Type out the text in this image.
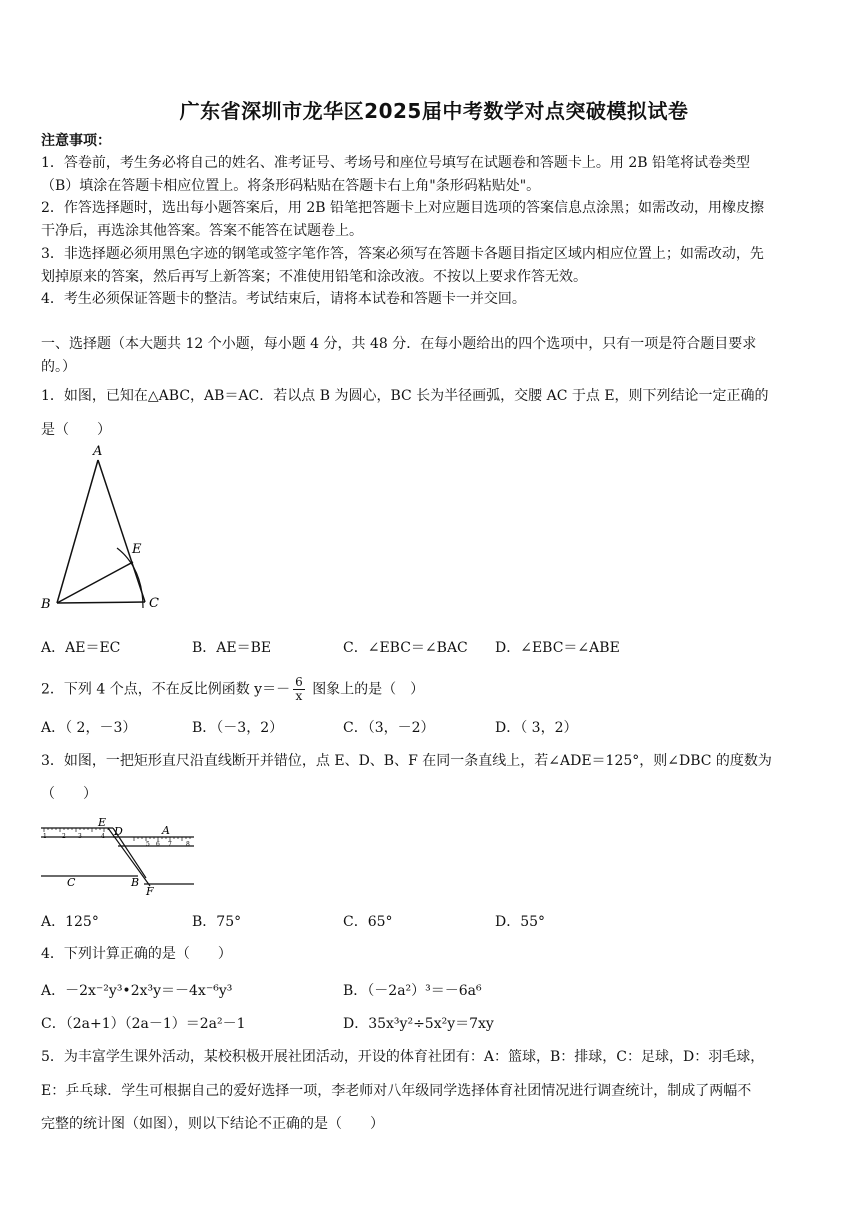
广东省深圳市龙华区2025届中考数学对点突破模拟试卷
注意事项：
1．答卷前，考生务必将自己的姓名、准考证号、考场号和座位号填写在试题卷和答题卡上。用 2B 铅笔将试卷类型
（B）填涂在答题卡相应位置上。将条形码粘贴在答题卡右上角"条形码粘贴处"。
2．作答选择题时，选出每小题答案后，用 2B 铅笔把答题卡上对应题目选项的答案信息点涂黑；如需改动，用橡皮擦
干净后，再选涂其他答案。答案不能答在试题卷上。
3．非选择题必须用黑色字迹的钢笔或签字笔作答，答案必须写在答题卡各题目指定区域内相应位置上；如需改动，先
划掉原来的答案，然后再写上新答案；不准使用铅笔和涂改液。不按以上要求作答无效。
4．考生必须保证答题卡的整洁。考试结束后，请将本试卷和答题卡一并交回。
一、选择题（本大题共 12 个小题，每小题 4 分，共 48 分．在每小题给出的四个选项中，只有一项是符合题目要求
的。）
1．如图，已知在△ABC，AB＝AC．若以点 B 为圆心，BC 长为半径画弧，交腰 AC 于点 E，则下列结论一定正确的
是（　　）
A
E
B	C
A．AE＝EC	B．AE＝BE	C．∠EBC＝∠BAC D．∠EBC＝∠ABE
2．下列 4 个点，不在反比例函数 $y=- \frac{6}{x}$ 图象上的是（　）
A．（ 2，－3）	B．（－3，2）	C．（3，－2）	D．（ 3，2）
3．如图，一把矩形直尺沿直线断开并错位，点 E、D、B、F 在同一条直线上，若∠ADE＝125°，则∠DBC 的度数为
（　　）
1	2 3	4
5 6 7 8
E
D	A
C	B
F
A．125°	B．75°	C．65°	D．55°
4．下列计算正确的是（　　）
A．－2x⁻²y³•2x³y＝－4x⁻⁶y³	B．（－2a²）³＝－6a⁶
C．（2a+1）（2a－1）＝2a²－1	D．35x³y²÷5x²y＝7xy
5．为丰富学生课外活动，某校积极开展社团活动，开设的体育社团有：A：篮球，B：排球，C：足球，D：羽毛球，
E：乒乓球．学生可根据自己的爱好选择一项，李老师对八年级同学选择体育社团情况进行调查统计，制成了两幅不
完整的统计图（如图），则以下结论不正确的是（　　）
